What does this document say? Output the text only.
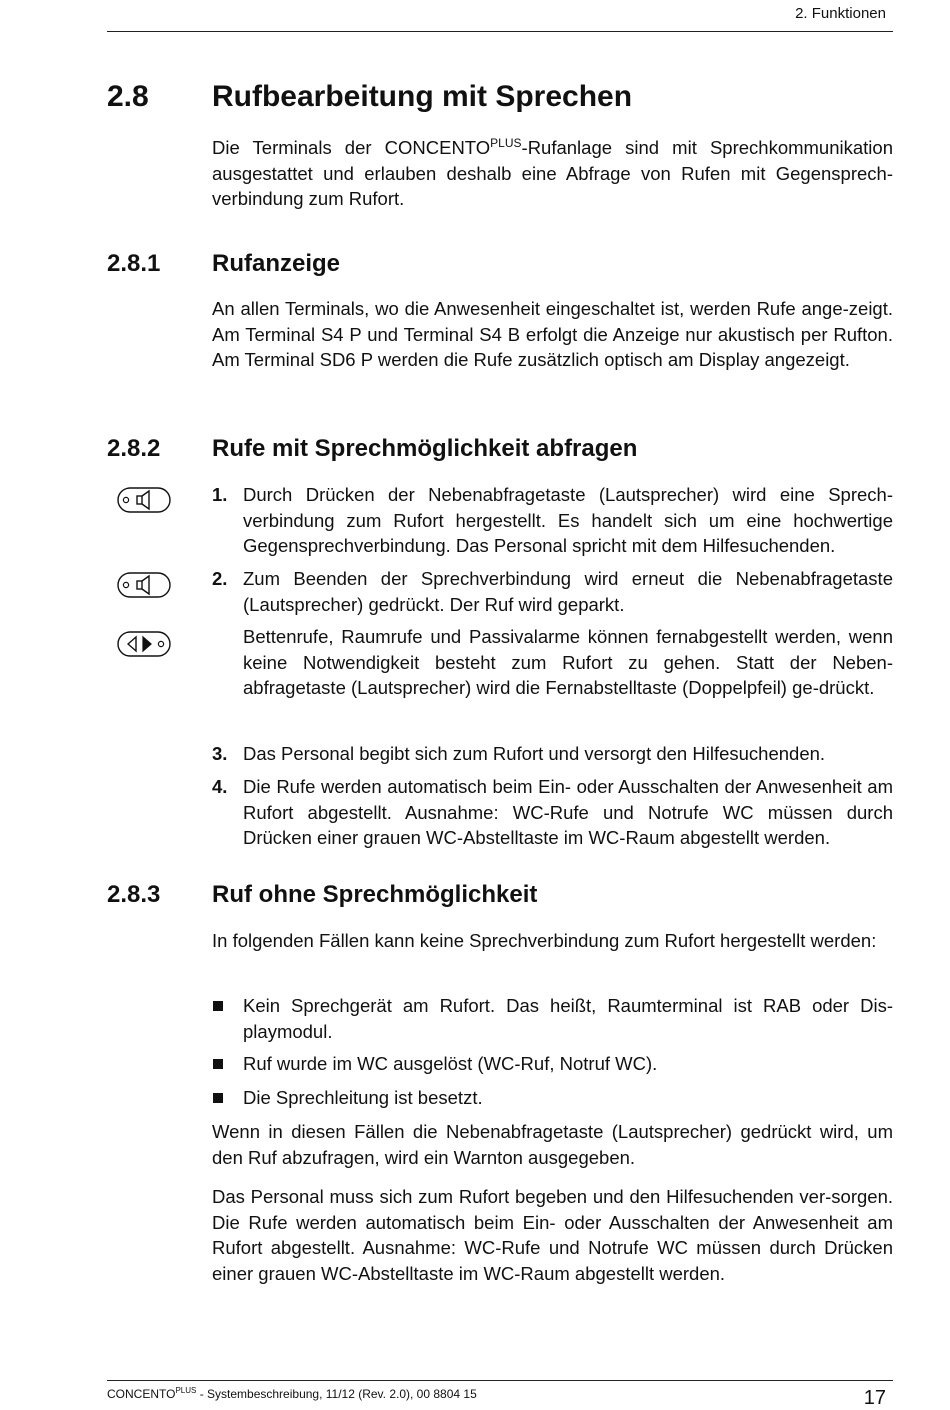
2. Funktionen
2.8 Rufbearbeitung mit Sprechen

Die Terminals der $CONCENTO^{PLUS}$-Rufanlage sind mit Sprechkommunikation ausgestattet und erlauben deshalb eine Abfrage von Rufen mit Gegensprech-verbindung zum Rufort.

2.8.1 Rufanzeige

An allen Terminals, wo die Anwesenheit eingeschaltet ist, werden Rufe ange-zeigt. Am Terminal S4 P und Terminal S4 B erfolgt die Anzeige nur akustisch per Rufton. Am Terminal SD6 P werden die Rufe zusätzlich optisch am Display angezeigt.

2.8.2 Rufe mit Sprechmöglichkeit abfragen
1. Durch Drücken der Nebenabfragetaste (Lautsprecher) wird eine Sprech-verbindung zum Rufort hergestellt. Es handelt sich um eine hochwertige Gegensprechverbindung. Das Personal spricht mit dem Hilfesuchenden.
2. Zum Beenden der Sprechverbindung wird erneut die Nebenabfragetaste (Lautsprecher) gedrückt. Der Ruf wird geparkt.
Bettenrufe, Raumrufe und Passivalarme können fernabgestellt werden, wenn keine Notwendigkeit besteht zum Rufort zu gehen. Statt der Neben-abfragetaste (Lautsprecher) wird die Fernabstelltaste (Doppelpfeil) ge-drückt.
3. Das Personal begibt sich zum Rufort und versorgt den Hilfesuchenden.
4. Die Rufe werden automatisch beim Ein- oder Ausschalten der Anwesenheit am Rufort abgestellt. Ausnahme: WC-Rufe und Notrufe WC müssen durch Drücken einer grauen WC-Abstelltaste im WC-Raum abgestellt werden.
2.8.3 Ruf ohne Sprechmöglichkeit

In folgenden Fällen kann keine Sprechverbindung zum Rufort hergestellt werden:

Kein Sprechgerät am Rufort. Das heißt, Raumterminal ist RAB oder Dis-playmodul.
Ruf wurde im WC ausgelöst (WC-Ruf, Notruf WC).
Die Sprechleitung ist besetzt.

Wenn in diesen Fällen die Nebenabfragetaste (Lautsprecher) gedrückt wird, um den Ruf abzufragen, wird ein Warnton ausgegeben.

Das Personal muss sich zum Rufort begeben und den Hilfesuchenden ver-sorgen. Die Rufe werden automatisch beim Ein- oder Ausschalten der Anwesenheit am Rufort abgestellt. Ausnahme: WC-Rufe und Notrufe WC müssen durch Drücken einer grauen WC-Abstelltaste im WC-Raum abgestellt werden.

$CONCENTO^{PLUS}$ - Systembeschreibung, 11/12 (Rev. 2.0), 00 8804 15	17
